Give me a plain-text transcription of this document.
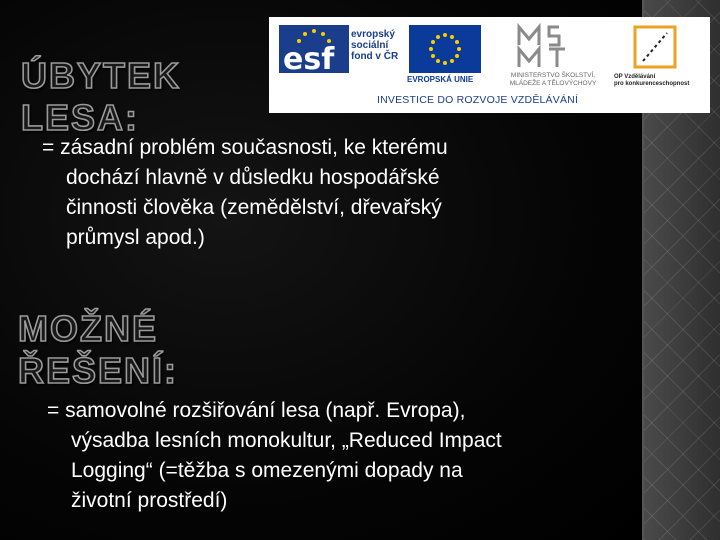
esf
evropský
sociální
fond v ČR
EVROPSKÁ UNIE	MINISTERSTVO ŠKOLSTVÍ,
MLÁDEŽE A TĚLOVÝCHOVY
OP Vzdělávání
pro konkurenceschopnost
INVESTICE DO ROZVOJE VZDĚLÁVÁNÍ
ÚBYTEK
LESA:
= zásadní problém současnosti, ke kterému
dochází hlavně v důsledku hospodářské
činnosti člověka (zemědělství, dřevařský
průmysl apod.)
MOŽNÉ
ŘEŠENÍ:
= samovolné rozšiřování lesa (např. Evropa),
výsadba lesních monokultur, „Reduced Impact
Logging“ (=těžba s omezenými dopady na
životní prostředí)
